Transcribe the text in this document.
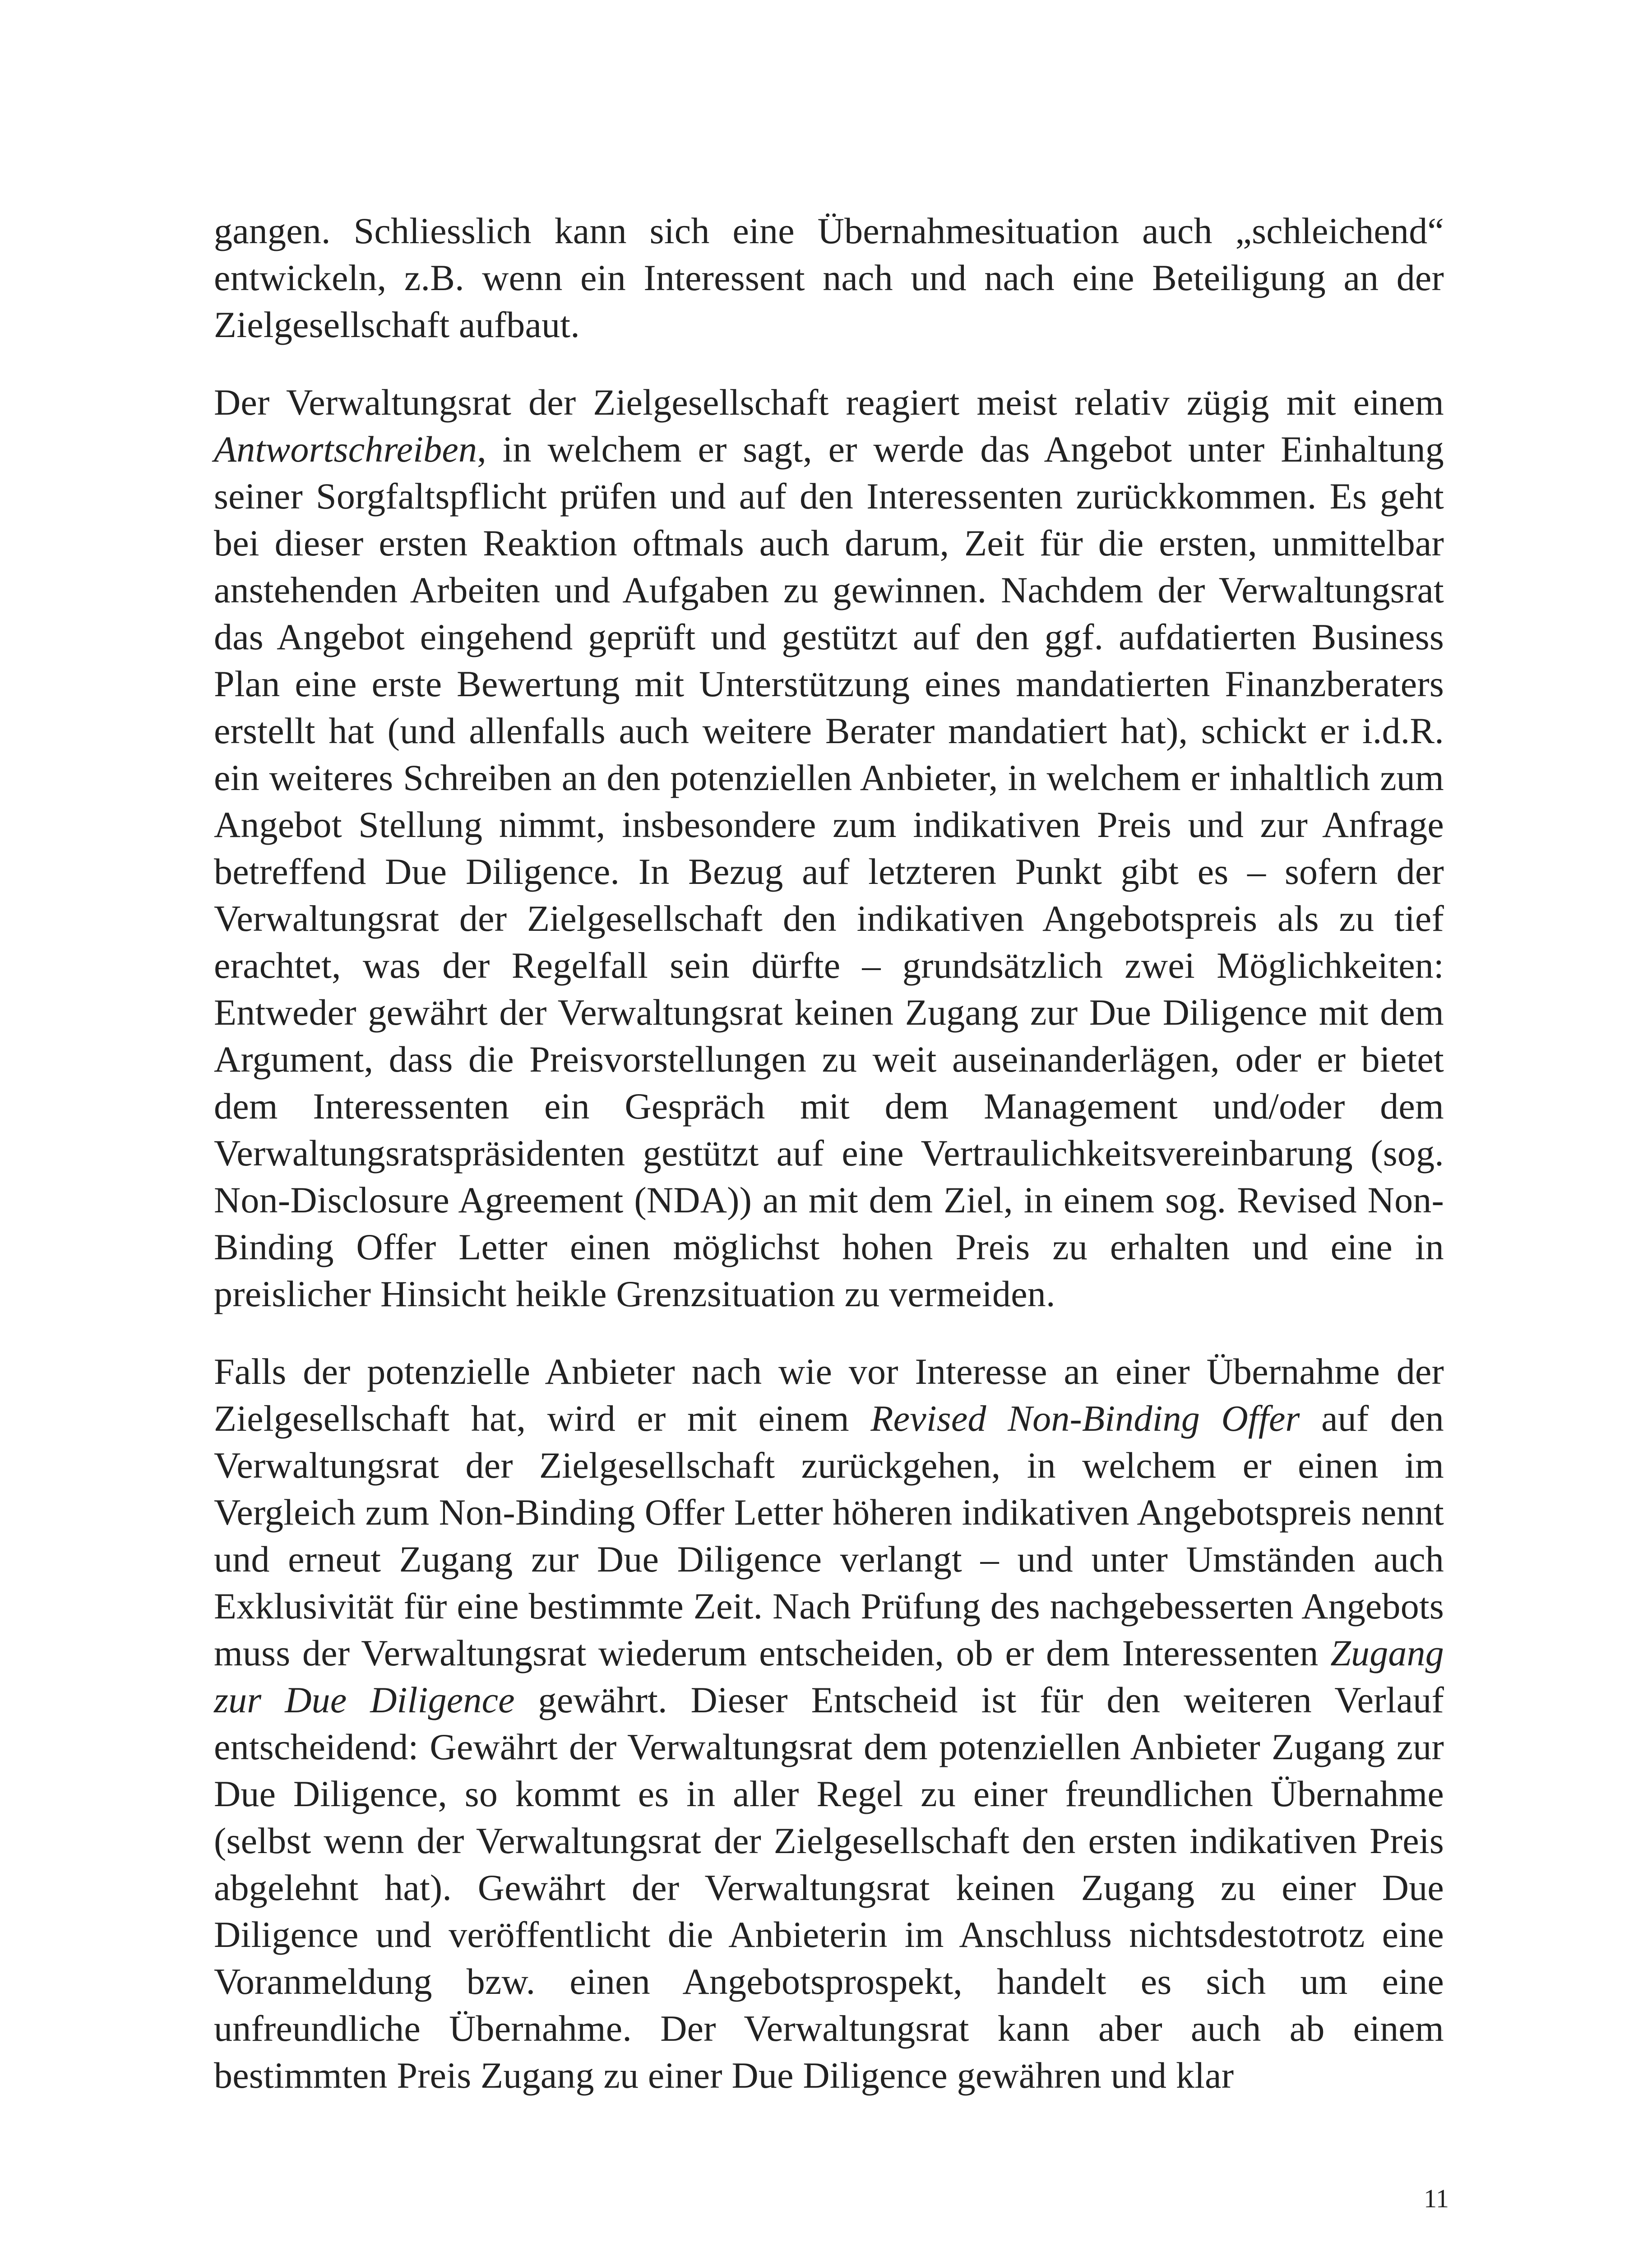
gangen. Schliesslich kann sich eine Übernahmesituation auch „schleichend“ entwickeln, z.B. wenn ein Interessent nach und nach eine Beteiligung an der Zielgesellschaft aufbaut.

Der Verwaltungsrat der Zielgesellschaft reagiert meist relativ zügig mit einem Antwortschreiben, in welchem er sagt, er werde das Angebot unter Einhaltung seiner Sorgfaltspflicht prüfen und auf den Interessenten zurückkommen. Es geht bei dieser ersten Reaktion oftmals auch darum, Zeit für die ersten, unmittelbar anstehenden Arbeiten und Aufgaben zu gewinnen. Nachdem der Verwaltungsrat das Angebot eingehend geprüft und gestützt auf den ggf. aufdatierten Business Plan eine erste Bewertung mit Unterstützung eines mandatierten Finanzberaters erstellt hat (und allenfalls auch weitere Berater mandatiert hat), schickt er i.d.R. ein weiteres Schreiben an den potenziellen Anbieter, in welchem er inhaltlich zum Angebot Stellung nimmt, insbesondere zum indikativen Preis und zur Anfrage betreffend Due Diligence. In Bezug auf letzteren Punkt gibt es – sofern der Verwaltungsrat der Zielgesellschaft den indikativen Angebotspreis als zu tief erachtet, was der Regelfall sein dürfte – grundsätzlich zwei Möglichkeiten: Entweder gewährt der Verwaltungsrat keinen Zugang zur Due Diligence mit dem Argument, dass die Preisvorstellungen zu weit auseinanderlägen, oder er bietet dem Interessenten ein Gespräch mit dem Management und/oder dem Verwaltungsratspräsidenten gestützt auf eine Vertraulichkeitsvereinbarung (sog. Non-Disclosure Agreement (NDA)) an mit dem Ziel, in einem sog. Revised Non-Binding Offer Letter einen möglichst hohen Preis zu erhalten und eine in preislicher Hinsicht heikle Grenzsituation zu vermeiden.

Falls der potenzielle Anbieter nach wie vor Interesse an einer Übernahme der Zielgesellschaft hat, wird er mit einem Revised Non-Binding Offer auf den Verwaltungsrat der Zielgesellschaft zurückgehen, in welchem er einen im Vergleich zum Non-Binding Offer Letter höheren indikativen Angebotspreis nennt und erneut Zugang zur Due Diligence verlangt – und unter Umständen auch Exklusivität für eine bestimmte Zeit. Nach Prüfung des nachgebesserten Angebots muss der Verwaltungsrat wiederum entscheiden, ob er dem Interessenten Zugang zur Due Diligence gewährt. Dieser Entscheid ist für den weiteren Verlauf entscheidend: Gewährt der Verwaltungsrat dem potenziellen Anbieter Zugang zur Due Diligence, so kommt es in aller Regel zu einer freundlichen Übernahme (selbst wenn der Verwaltungsrat der Zielgesellschaft den ersten indikativen Preis abgelehnt hat). Gewährt der Verwaltungsrat keinen Zugang zu einer Due Diligence und veröffentlicht die Anbieterin im Anschluss nichtsdestotrotz eine Voranmeldung bzw. einen Angebotsprospekt, handelt es sich um eine unfreundliche Übernahme. Der Verwaltungsrat kann aber auch ab einem bestimmten Preis Zugang zu einer Due Diligence gewähren und klar

11
